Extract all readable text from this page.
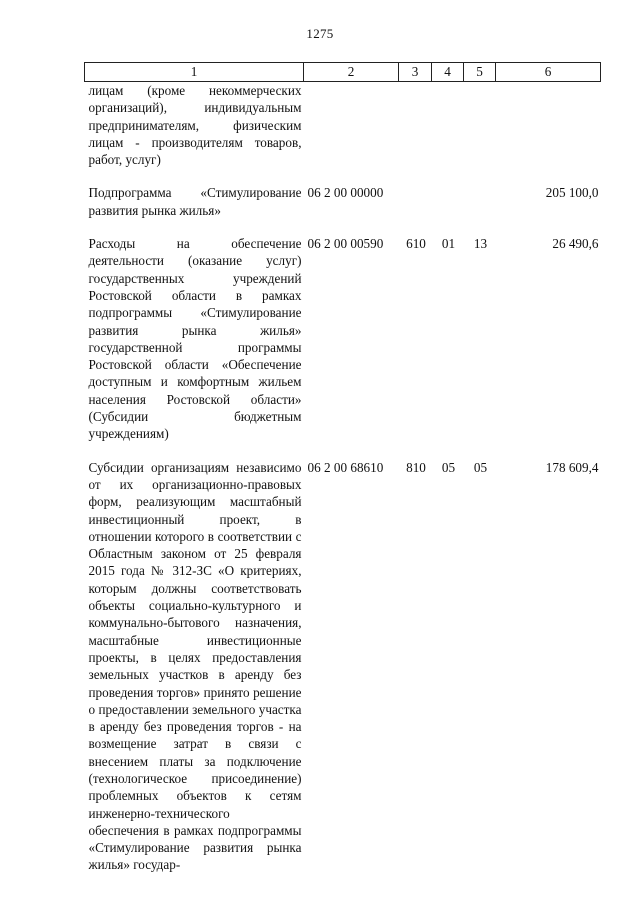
1275
1	2	3	4	5	6
лицам (кроме некоммерческих организаций), индивидуальным предпринимателям, физическим лицам - производителям товаров, работ, услуг)					

Подпрограмма «Стимулирование развития рынка жилья»	06 2 00 00000				205 100,0

Расходы на обеспечение деятельности (оказание услуг) государственных учреждений Ростовской области в рамках подпрограммы «Стимулирование развития рынка жилья» государственной программы Ростовской области «Обеспечение доступным и комфортным жильем населения Ростовской области» (Субсидии бюджетным учреждениям)	06 2 00 00590	610	01	13	26 490,6

Субсидии организациям независимо от их организационно-правовых форм, реализующим масштабный инвестиционный проект, в отношении которого в соответствии с Областным законом от 25 февраля 2015 года № 312-ЗС «О критериях, которым должны соответствовать объекты социально-культурного и коммунально-бытового назначения, масштабные инвестиционные проекты, в целях предоставления земельных участков в аренду без проведения торгов» принято решение о предоставлении земельного участка в аренду без проведения торгов - на возмещение затрат в связи с внесением платы за подключение (технологическое присоединение) проблемных объектов к сетям инженерно-технического обеспечения в рамках подпрограммы «Стимулирование развития рынка жилья» государ-	06 2 00 68610	810	05	05	178 609,4
